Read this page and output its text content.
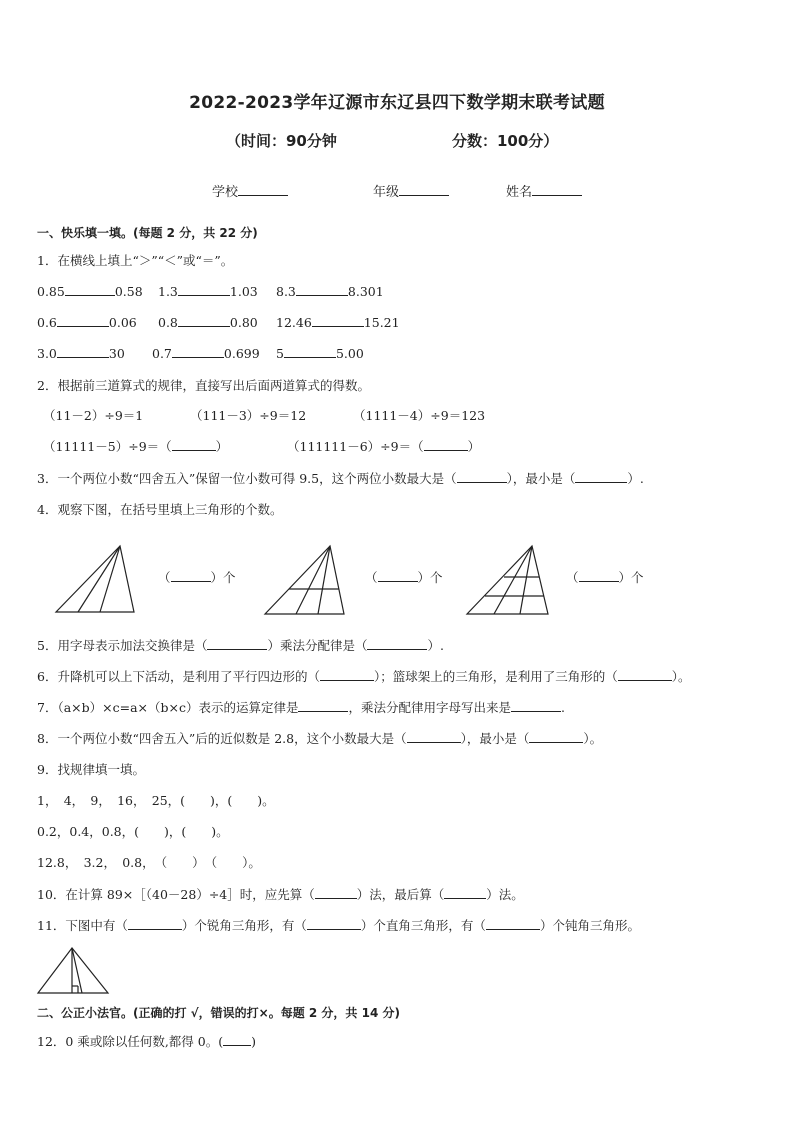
2022-2023学年辽源市东辽县四下数学期末联考试题
（时间：90分钟	分数：100分）
学校	年级	姓名
一、快乐填一填。(每题 2 分，共 22 分)
1．在横线上填上“＞”“＜”或“＝”。
0.85	0.58 1.3	1.03 8.3	8.301
0.6	0.06 0.8	0.80 12.46	15.21
3.0	30 0.7	0.699 5	5.00
2．根据前三道算式的规律，直接写出后面两道算式的得数。
（11－2）÷9＝1	（111－3）÷9＝12	（1111－4）÷9＝123
（11111－5）÷9＝（	）	（111111－6）÷9＝（	）
3．一个两位小数“四舍五入”保留一位小数可得 9.5，这个两位小数最大是（	），最小是（	）.
4．观察下图，在括号里填上三角形的个数。
（	）个	（	）个	（	）个
5．用字母表示加法交换律是（	）乘法分配律是（	）.
6．升降机可以上下活动，是利用了平行四边形的（	）；篮球架上的三角形，是利用了三角形的（	）。
7．（a×b）×c=a×（b×c）表示的运算定律是	，乘法分配律用字母写出来是	.
8．一个两位小数“四舍五入”后的近似数是 2.8，这个小数最大是（	），最小是（	）。
9．找规律填一填。
1，　4，　9，　16，　25，(　　)，(　　)。
0.2，0.4，0.8，(　　)，(　　)。
12.8，　3.2，　0.8，　（　　）　（　　）。
10．在计算 89×［（40－28）÷4］时，应先算（	）法，最后算（	）法。
11．下图中有（	）个锐角三角形，有（	）个直角三角形，有（	）个钝角三角形。
二、公正小法官。(正确的打 √，错误的打×。每题 2 分，共 14 分)
12．0 乘或除以任何数,都得 0。( )
